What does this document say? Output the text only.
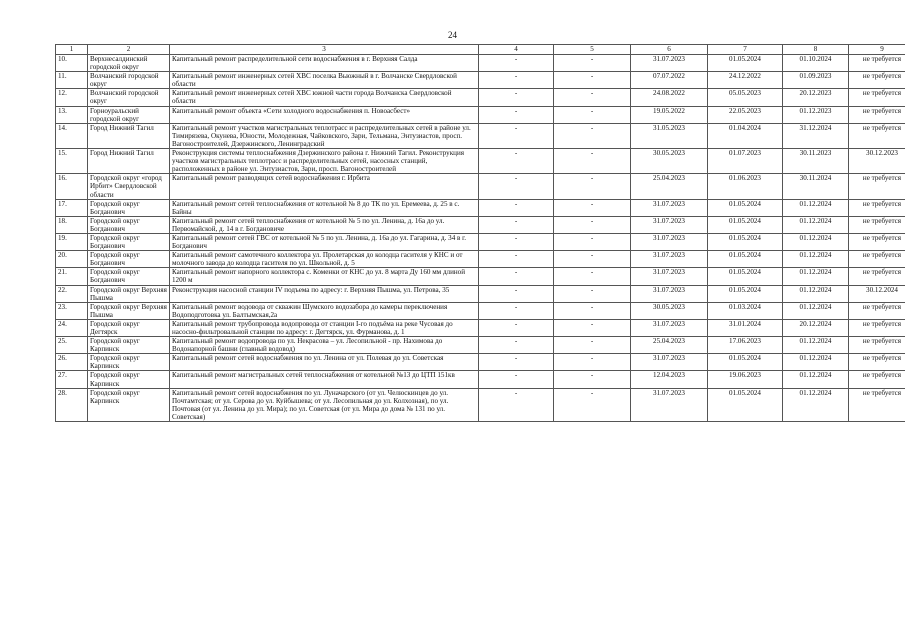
24
1	2	3	4	5	6	7	8	9
10.	Верхнесалдинский городской округ	Капитальный ремонт распределительной сети водоснабжения в г. Верхняя Салда	-	-	31.07.2023	01.05.2024	01.10.2024	не требуется
11.	Волчанский городской округ	Капитальный ремонт инженерных сетей ХВС поселка Вьюжный в г. Волчанске Свердловской области	-	-	07.07.2022	24.12.2022	01.09.2023	не требуется
12.	Волчанский городской округ	Капитальный ремонт инженерных сетей ХВС южной части города Волчанска Свердловской области	-	-	24.08.2022	05.05.2023	20.12.2023	не требуется
13.	Горноуральский городской округ	Капитальный ремонт объекта «Сети холодного водоснабжения п. Новоасбест»	-	-	19.05.2022	22.05.2023	01.12.2023	не требуется
14.	Город Нижний Тагил	Капитальный ремонт участков магистральных теплотрасс и распределительных сетей в районе ул. Тимирязева, Окунева, Юности, Молодежная, Чайковского, Зари, Тельмана, Энтузиастов, просп. Вагоностроителей, Дзержинского, Ленинградский	-	-	31.05.2023	01.04.2024	31.12.2024	не требуется
15.	Город Нижний Тагил	Реконструкция системы теплоснабжения Дзержинского района г. Нижний Тагил. Реконструкция участков магистральных теплотрасс и распределительных сетей, насосных станций, расположенных в районе ул. Энтузиастов, Зари, просп. Вагоностроителей	-	-	30.05.2023	01.07.2023	30.11.2023	30.12.2023
16.	Городской округ «город Ирбит» Свердловской области	Капитальный ремонт разводящих сетей водоснабжения г. Ирбита	-	-	25.04.2023	01.06.2023	30.11.2024	не требуется
17.	Городской округ Богданович	Капитальный ремонт сетей теплоснабжения от котельной № 8 до ТК по ул. Еремеева, д. 25 в с. Байны	-	-	31.07.2023	01.05.2024	01.12.2024	не требуется
18.	Городской округ Богданович	Капитальный ремонт сетей теплоснабжения от котельной № 5 по ул. Ленина, д. 16а до ул. Первомайской, д. 14 в г. Богдановиче	-	-	31.07.2023	01.05.2024	01.12.2024	не требуется
19.	Городской округ Богданович	Капитальный ремонт сетей ГВС от котельной № 5 по ул. Ленина, д. 16а до ул. Гагарина, д. 34 в г. Богданович	-	-	31.07.2023	01.05.2024	01.12.2024	не требуется
20.	Городской округ Богданович	Капитальный ремонт самотечного коллектора ул. Пролетарская до колодца гасителя у КНС и от молочного завода до колодца гасителя по ул. Школьной, д. 5	-	-	31.07.2023	01.05.2024	01.12.2024	не требуется
21.	Городской округ Богданович	Капитальный ремонт напорного коллектора с. Коменки от КНС до ул. 8 марта Ду 160 мм длиной 1200 м	-	-	31.07.2023	01.05.2024	01.12.2024	не требуется
22.	Городской округ Верхняя Пышма	Реконструкция насосной станции IV подъема по адресу: г. Верхняя Пышма, ул. Петрова, 35	-	-	31.07.2023	01.05.2024	01.12.2024	30.12.2024
23.	Городской округ Верхняя Пышма	Капитальный ремонт водовода от скважин Шумского водозабора до камеры переключения Водоподготовка ул. Балтымская,2а	-	-	30.05.2023	01.03.2024	01.12.2024	не требуется
24.	Городской округ Дегтярск	Капитальный ремонт трубопровода водопровода от станции I-го подъёма на реке Чусовая до насосно-фильтровальной станции по адресу: г. Дегтярск, ул. Фурманова, д. 1	-	-	31.07.2023	31.01.2024	20.12.2024	не требуется
25.	Городской округ Карпинск	Капитальный ремонт водопровода по ул. Некрасова – ул. Лесопильной - пр. Нахимова до Водонапорной башни (главный водовод)	-	-	25.04.2023	17.06.2023	01.12.2024	не требуется
26.	Городской округ Карпинск	Капитальный ремонт сетей водоснабжения по ул. Ленина от ул. Полевая до ул. Советская	-	-	31.07.2023	01.05.2024	01.12.2024	не требуется
27.	Городской округ Карпинск	Капитальный ремонт магистральных сетей теплоснабжения от котельной №13 до ЦТП 151кв	-	-	12.04.2023	19.06.2023	01.12.2024	не требуется
28.	Городской округ Карпинск	Капитальный ремонт сетей водоснабжения по ул. Луначарского (от ул. Челюскинцев до ул. Почтамтская; от ул. Серова до ул. Куйбышева; от ул. Лесопильная до ул. Колхозная), по ул. Почтовая (от ул. Ленина до ул. Мира); по ул. Советская (от ул. Мира до дома № 131 по ул. Советская)	-	-	31.07.2023	01.05.2024	01.12.2024	не требуется
